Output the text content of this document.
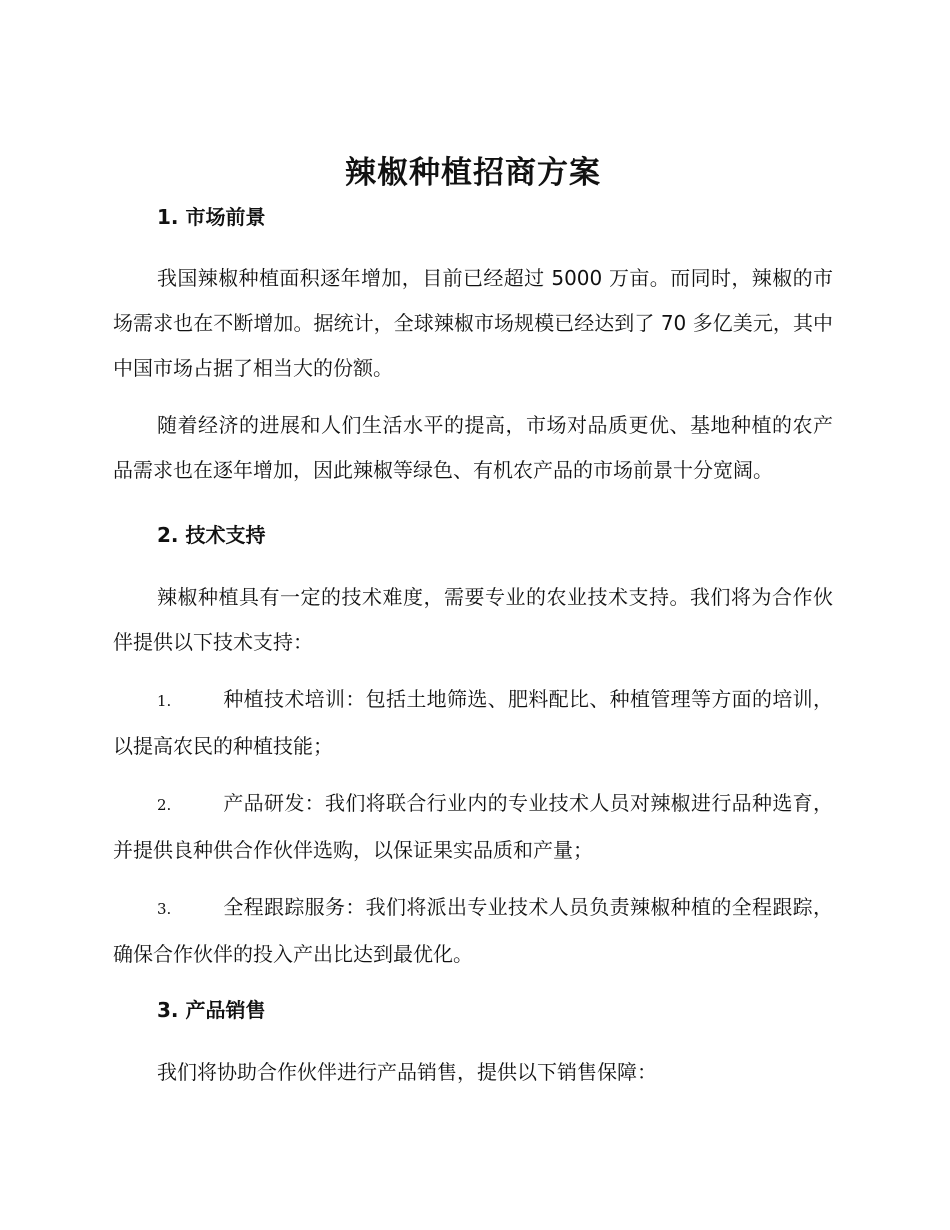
辣椒种植招商方案
1. 市场前景

我国辣椒种植面积逐年增加，目前已经超过 5000 万亩。而同时，辣椒的市场需求也在不断增加。据统计，全球辣椒市场规模已经达到了 70 多亿美元，其中中国市场占据了相当大的份额。

随着经济的进展和人们生活水平的提高，市场对品质更优、基地种植的农产品需求也在逐年增加，因此辣椒等绿色、有机农产品的市场前景十分宽阔。

2. 技术支持

辣椒种植具有一定的技术难度，需要专业的农业技术支持。我们将为合作伙伴提供以下技术支持：

1.	种植技术培训：包括土地筛选、肥料配比、种植管理等方面的培训，以提高农民的种植技能；

2.	产品研发：我们将联合行业内的专业技术人员对辣椒进行品种选育，并提供良种供合作伙伴选购，以保证果实品质和产量；

3.	全程跟踪服务：我们将派出专业技术人员负责辣椒种植的全程跟踪，确保合作伙伴的投入产出比达到最优化。

3. 产品销售

我们将协助合作伙伴进行产品销售，提供以下销售保障：
